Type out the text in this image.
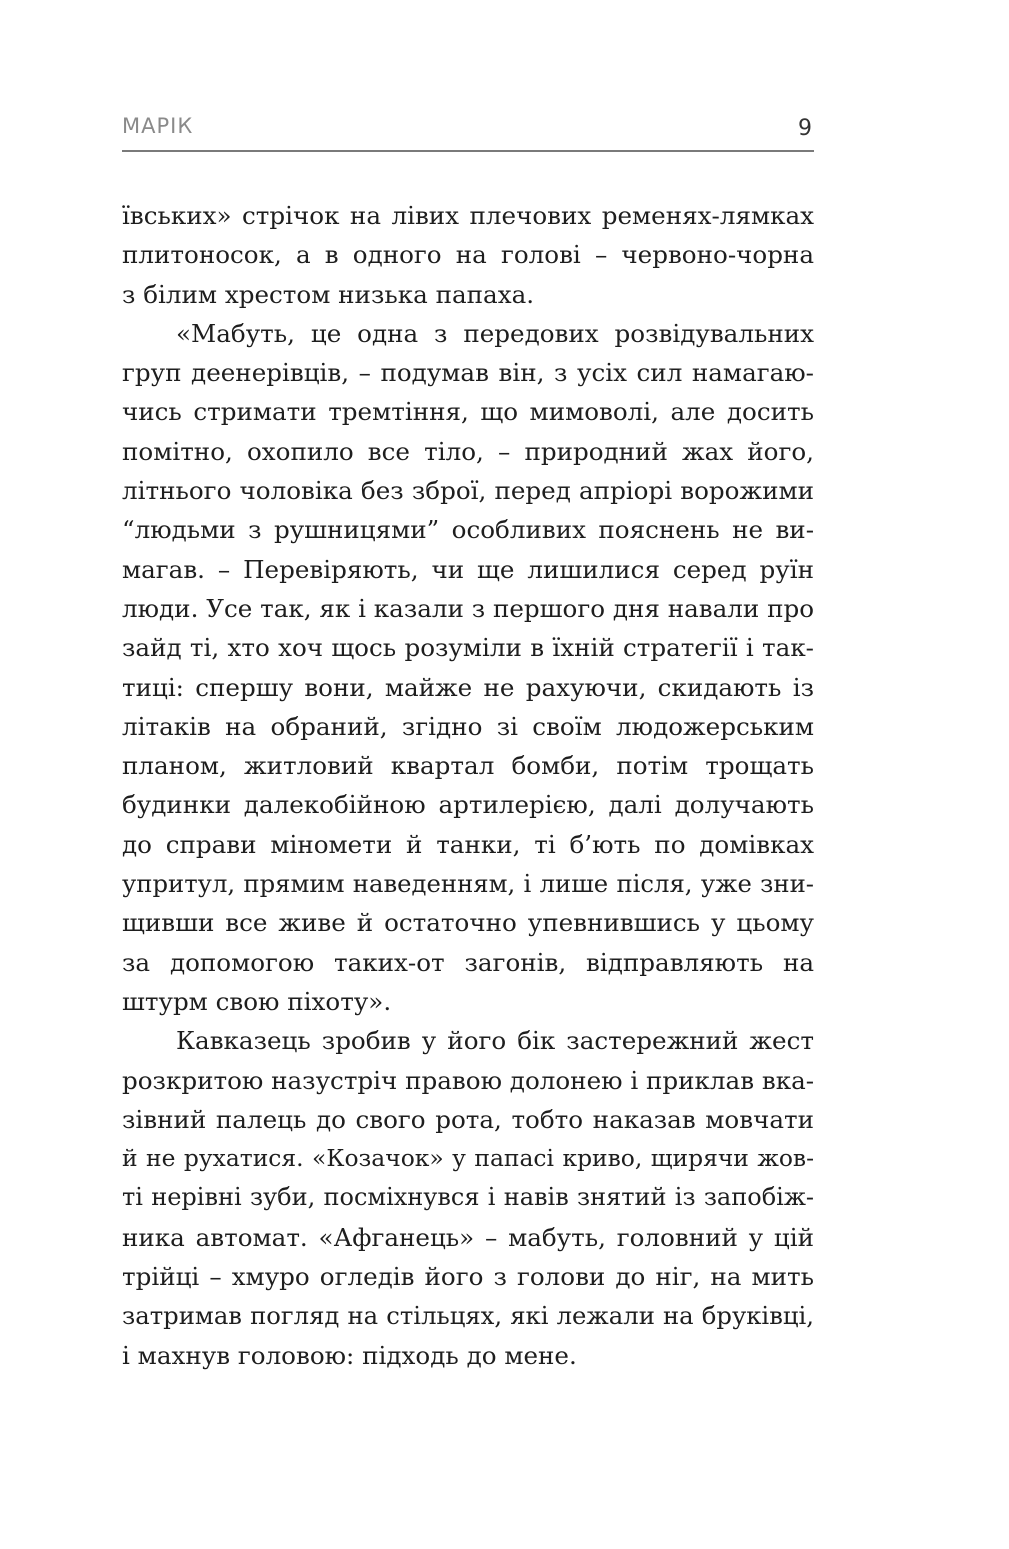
МАРІК	9
ївських» стрічок на лівих плечових ременях-лямках
плитоносок, а в одного на голові – червоно-чорна
з білим хрестом низька папаха.
«Мабуть, це одна з передових розвідувальних
груп деенерівців, – подумав він, з усіх сил намагаю-
чись стримати тремтіння, що мимоволі, але досить
помітно, охопило все тіло, – природний жах його,
літнього чоловіка без зброї, перед апріорі ворожими
“людьми з рушницями” особливих пояснень не ви-
магав. – Перевіряють, чи ще лишилися серед руїн
люди. Усе так, як і казали з першого дня навали про
зайд ті, хто хоч щось розуміли в їхній стратегії і так-
тиці: спершу вони, майже не рахуючи, скидають із
літаків на обраний, згідно зі своїм людожерським
планом, житловий квартал бомби, потім трощать
будинки далекобійною артилерією, далі долучають
до справи міномети й танки, ті б’ють по домівках
упритул, прямим наведенням, і лише після, уже зни-
щивши все живе й остаточно упевнившись у цьому
за допомогою таких-от загонів, відправляють на
штурм свою піхоту».
Кавказець зробив у його бік застережний жест
розкритою назустріч правою долонею і приклав вка-
зівний палець до свого рота, тобто наказав мовчати
й не рухатися. «Козачок» у папасі криво, щирячи жов-
ті нерівні зуби, посміхнувся і навів знятий із запобіж-
ника автомат. «Афганець» – мабуть, головний у цій
трійці – хмуро огледів його з голови до ніг, на мить
затримав погляд на стільцях, які лежали на бруківці,
і махнув головою: підходь до мене.
